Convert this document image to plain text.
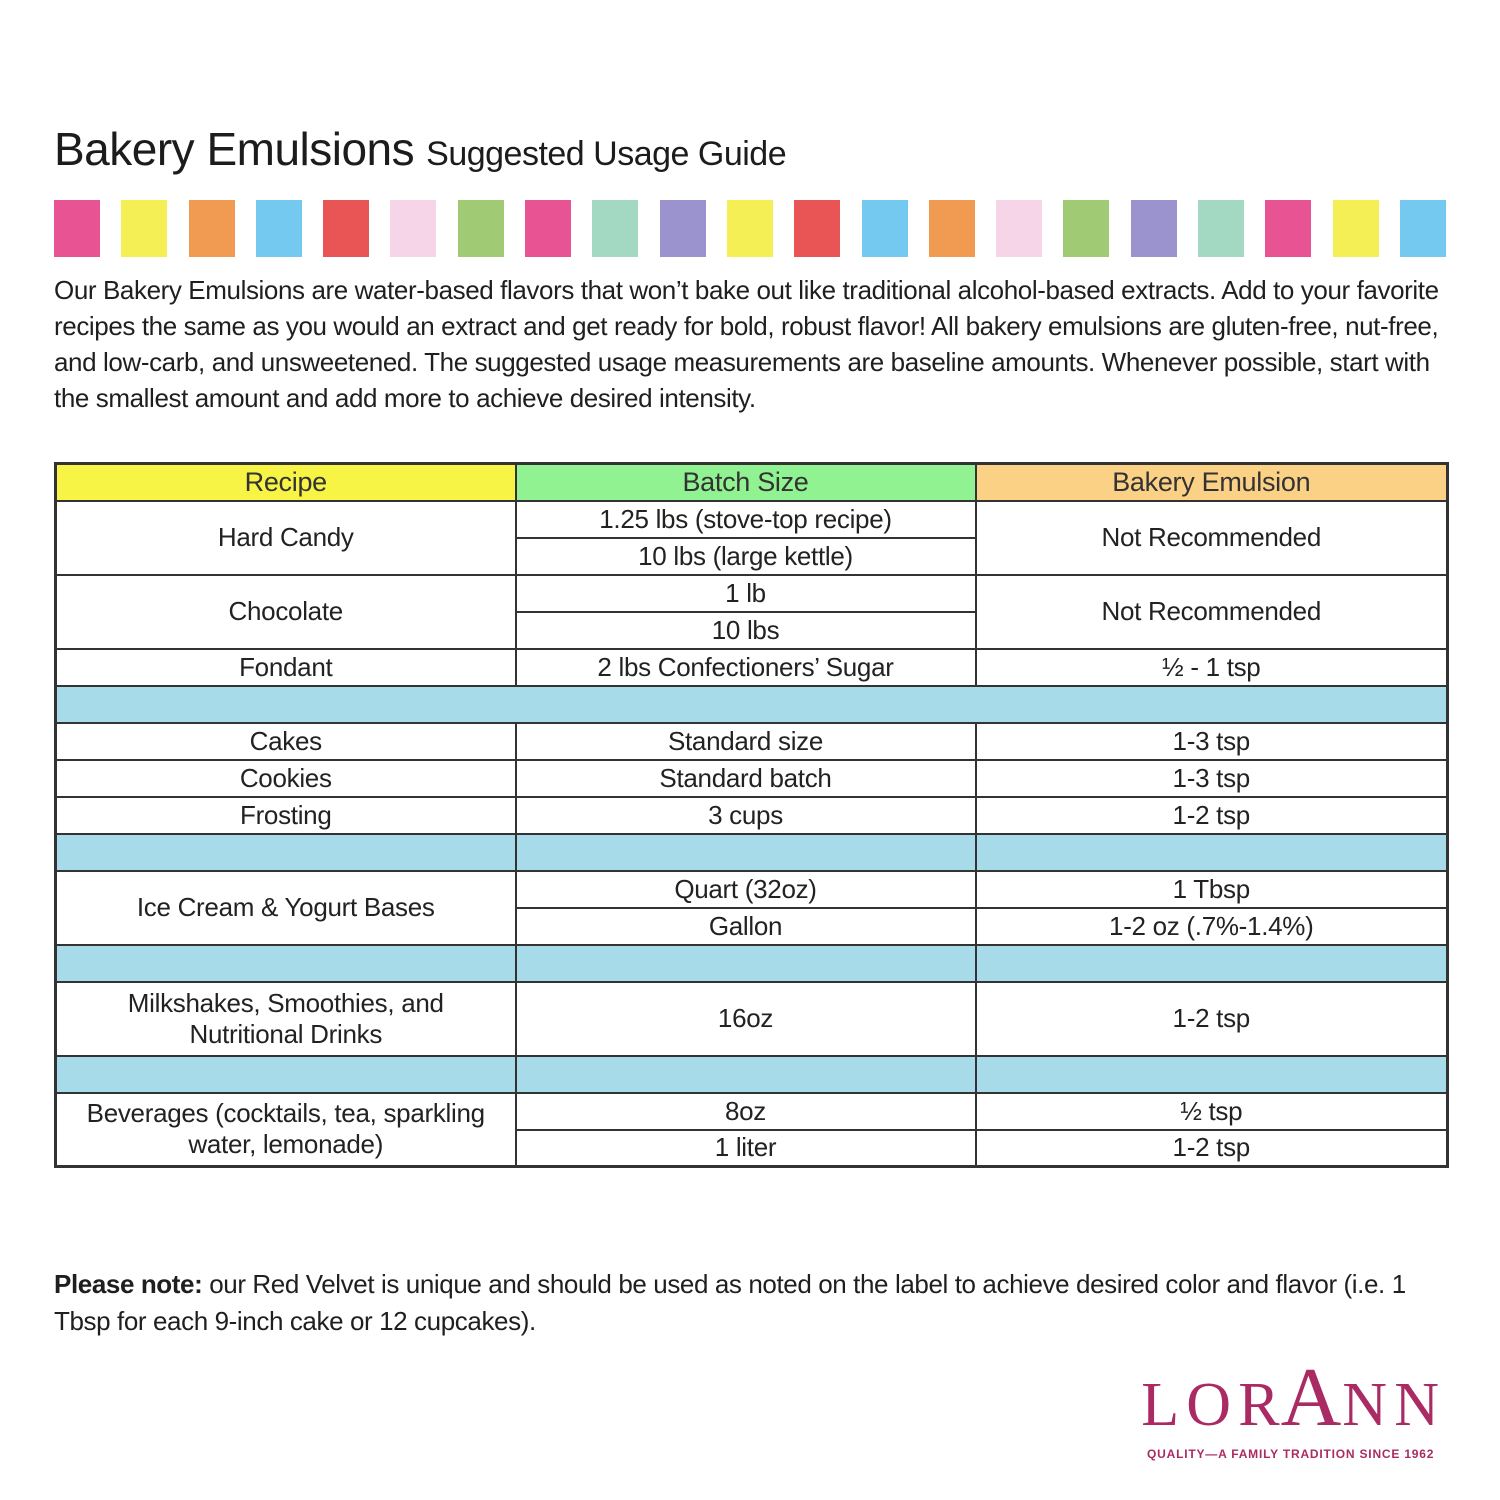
Bakery Emulsions Suggested Usage Guide

Our Bakery Emulsions are water-based flavors that won’t bake out like traditional alcohol-based extracts. Add to your favorite recipes the same as you would an extract and get ready for bold, robust flavor! All bakery emulsions are gluten-free, nut-free, and low-carb, and unsweetened. The suggested usage measurements are baseline amounts. Whenever possible, start with the smallest amount and add more to achieve desired intensity.

Recipe	Batch Size	Bakery Emulsion
Hard Candy	1.25 lbs (stove-top recipe)	Not Recommended
	10 lbs (large kettle)	
Chocolate	1 lb	Not Recommended
	10 lbs	
Fondant	2 lbs Confectioners’ Sugar	½ - 1 tsp

Cakes	Standard size	1-3 tsp
Cookies	Standard batch	1-3 tsp
Frosting	3 cups	1-2 tsp

Ice Cream & Yogurt Bases	Quart (32oz)	1 Tbsp
	Gallon	1-2 oz (.7%-1.4%)

Milkshakes, Smoothies, and Nutritional Drinks	16oz	1-2 tsp

Beverages (cocktails, tea, sparkling water, lemonade)	8oz	½ tsp
	1 liter	1-2 tsp

Please note: our Red Velvet is unique and should be used as noted on the label to achieve desired color and flavor (i.e. 1 Tbsp for each 9-inch cake or 12 cupcakes).

L O R A N N
QUALITY—A FAMILY TRADITION SINCE 1962
